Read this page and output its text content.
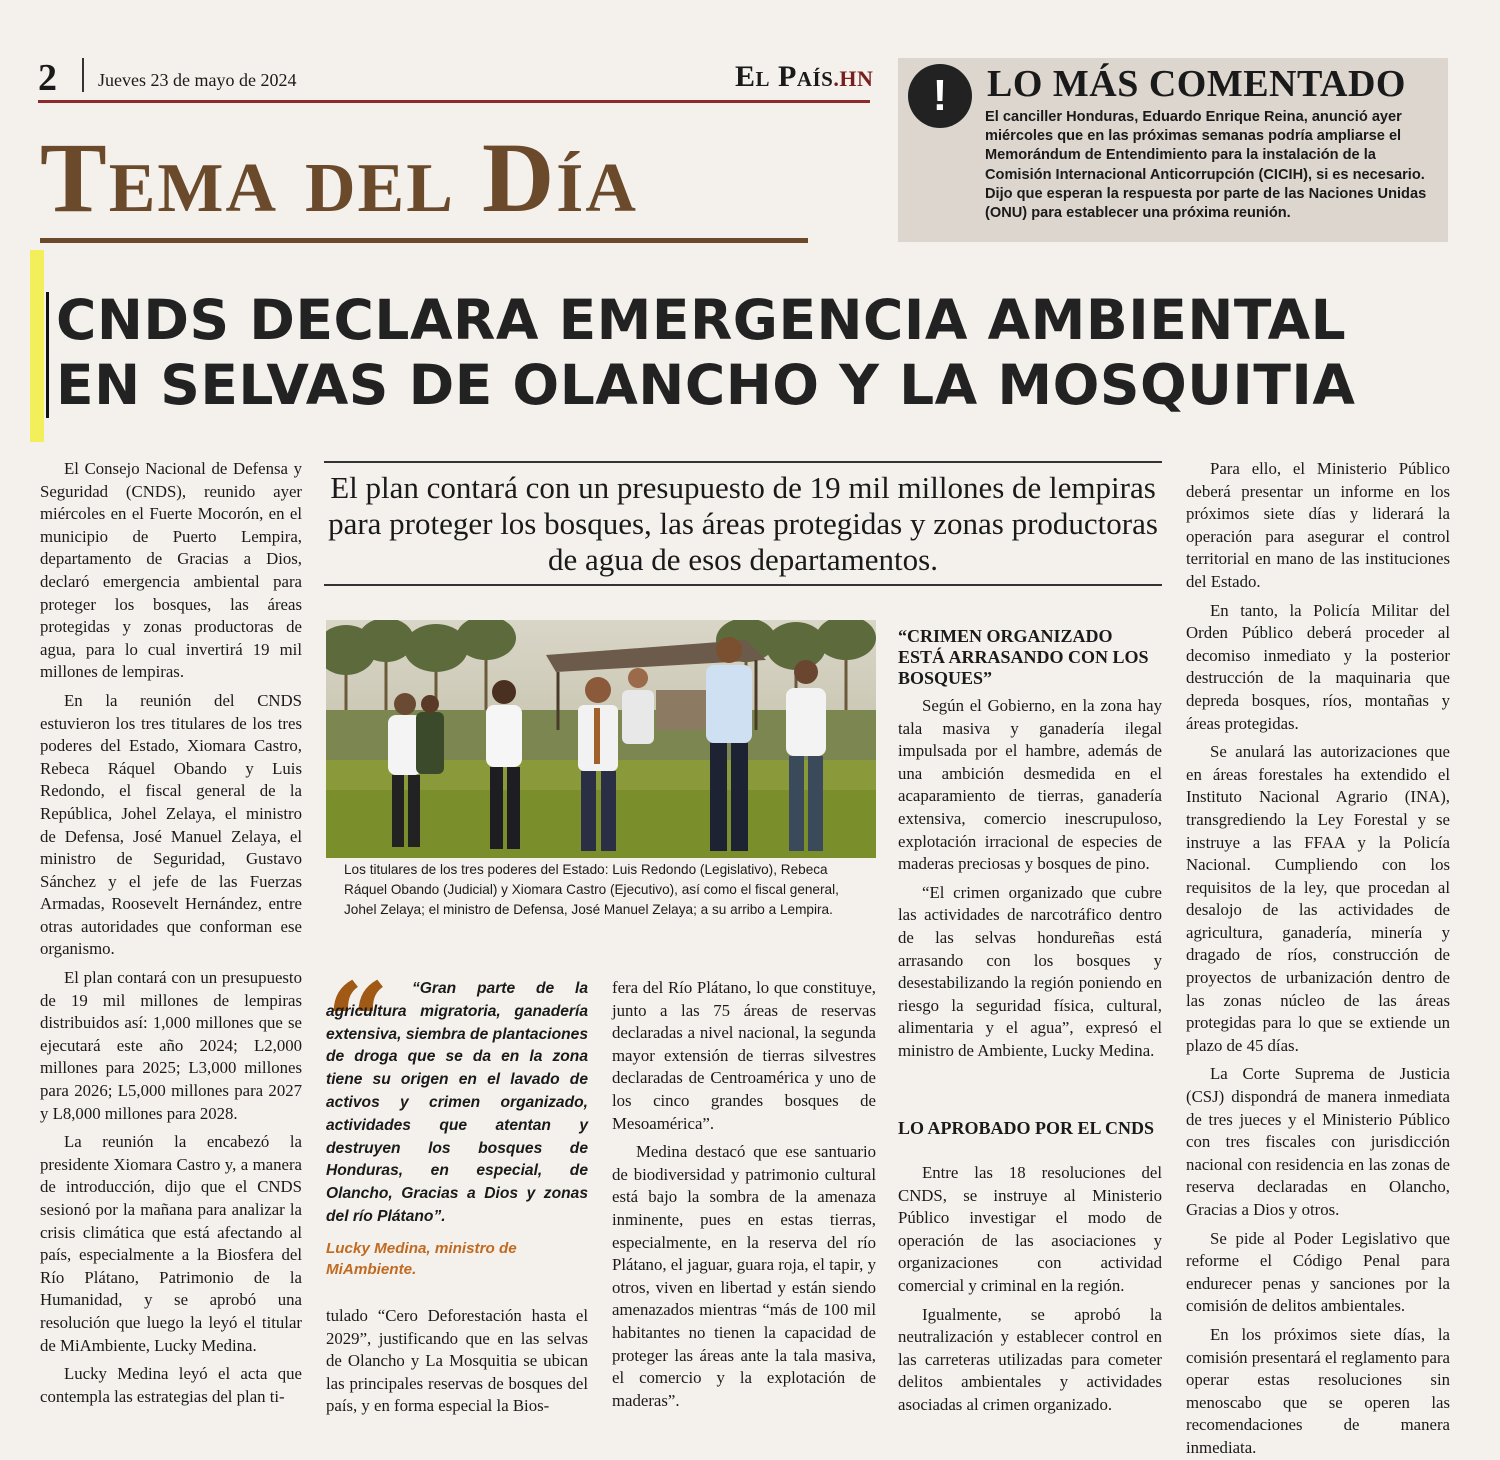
2 Jueves 23 de mayo de 2024	El País.HN
Tema del Día
!	LO MÁS COMENTADO
El canciller Honduras, Eduardo Enrique Reina, anunció ayer miércoles que en las próximas semanas podría ampliarse el Memorándum de Entendimiento para la instalación de la Comisión Internacional Anticorrupción (CICIH), si es necesario. Dijo que esperan la respuesta por parte de las Naciones Unidas (ONU) para establecer una próxima reunión.
CNDS DECLARA EMERGENCIA AMBIENTAL
EN SELVAS DE OLANCHO Y LA MOSQUITIA
El plan contará con un presupuesto de 19 mil millones de lempiras para proteger los bosques, las áreas protegidas y zonas productoras de agua de esos departamentos.

El Consejo Nacional de Defensa y Seguridad (CNDS), reunido ayer miércoles en el Fuerte Mocorón, en el municipio de Puerto Lempira, departamento de Gracias a Dios, declaró emergencia ambiental para proteger los bosques, las áreas protegidas y zonas productoras de agua, para lo cual invertirá 19 mil millones de lempiras.

En la reunión del CNDS estuvieron los tres titulares de los tres poderes del Estado, Xiomara Castro, Rebeca Ráquel Obando y Luis Redondo, el fiscal general de la República, Johel Zelaya, el ministro de Defensa, José Manuel Zelaya, el ministro de Seguridad, Gustavo Sánchez y el jefe de las Fuerzas Armadas, Roosevelt Hernández, entre otras autoridades que conforman ese organismo.

El plan contará con un presupuesto de 19 mil millones de lempiras distribuidos así: 1,000 millones que se ejecutará este año 2024; L2,000 millones para 2025; L3,000 millones para 2026; L5,000 millones para 2027 y L8,000 millones para 2028.

La reunión la encabezó la presidente Xiomara Castro y, a manera de introducción, dijo que el CNDS sesionó por la mañana para analizar la crisis climática que está afectando al país, especialmente a la Biosfera del Río Plátano, Patrimonio de la Humanidad, y se aprobó una resolución que luego la leyó el titular de MiAmbiente, Lucky Medina.

Lucky Medina leyó el acta que contempla las estrategias del plan ti-

Los titulares de los tres poderes del Estado: Luis Redondo (Legislativo), Rebeca Ráquel Obando (Judicial) y Xiomara Castro (Ejecutivo), así como el fiscal general, Johel Zelaya; el ministro de Defensa, José Manuel Zelaya; a su arribo a Lempira.
“	“Gran parte de la agricultura migratoria, ganadería extensiva, siembra de plantaciones de droga que se da en la zona tiene su origen en el lavado de activos y crimen organizado, actividades que atentan y destruyen los bosques de Honduras, en especial, de Olancho, Gracias a Dios y zonas del río Plátano”.
Lucky Medina, ministro de MiAmbiente.

tulado “Cero Deforestación hasta el 2029”, justificando que en las selvas de Olancho y La Mosquitia se ubican las principales reservas de bosques del país, y en forma especial la Bios-

fera del Río Plátano, lo que constituye, junto a las 75 áreas de reservas declaradas a nivel nacional, la segunda mayor extensión de tierras silvestres declaradas de Centroamérica y uno de los cinco grandes bosques de Mesoamérica”.

Medina destacó que ese santuario de biodiversidad y patrimonio cultural está bajo la sombra de la amenaza inminente, pues en estas tierras, especialmente, en la reserva del río Plátano, el jaguar, guara roja, el tapir, y otros, viven en libertad y están siendo amenazados mientras “más de 100 mil habitantes no tienen la capacidad de proteger las áreas ante la tala masiva, el comercio y la explotación de maderas”.

“CRIMEN ORGANIZADO ESTÁ ARRASANDO CON LOS BOSQUES”

Según el Gobierno, en la zona hay tala masiva y ganadería ilegal impulsada por el hambre, además de una ambición desmedida en el acaparamiento de tierras, ganadería extensiva, comercio inescrupuloso, explotación irracional de especies de maderas preciosas y bosques de pino.

“El crimen organizado que cubre las actividades de narcotráfico dentro de las selvas hondureñas está arrasando con los bosques y desestabilizando la región poniendo en riesgo la seguridad física, cultural, alimentaria y el agua”, expresó el ministro de Ambiente, Lucky Medina.

LO APROBADO POR EL CNDS

Entre las 18 resoluciones del CNDS, se instruye al Ministerio Público investigar el modo de operación de las asociaciones y organizaciones con actividad comercial y criminal en la región.

Igualmente, se aprobó la neutralización y establecer control en las carreteras utilizadas para cometer delitos ambientales y actividades asociadas al crimen organizado.

Para ello, el Ministerio Público deberá presentar un informe en los próximos siete días y liderará la operación para asegurar el control territorial en mano de las instituciones del Estado.

En tanto, la Policía Militar del Orden Público deberá proceder al decomiso inmediato y la posterior destrucción de la maquinaria que depreda bosques, ríos, montañas y áreas protegidas.

Se anulará las autorizaciones que en áreas forestales ha extendido el Instituto Nacional Agrario (INA), transgrediendo la Ley Forestal y se instruye a las FFAA y la Policía Nacional. Cumpliendo con los requisitos de la ley, que procedan al desalojo de las actividades de agricultura, ganadería, minería y dragado de ríos, construcción de proyectos de urbanización dentro de las zonas núcleo de las áreas protegidas para lo que se extiende un plazo de 45 días.

La Corte Suprema de Justicia (CSJ) dispondrá de manera inmediata de tres jueces y el Ministerio Público con tres fiscales con jurisdicción nacional con residencia en las zonas de reserva declaradas en Olancho, Gracias a Dios y otros.

Se pide al Poder Legislativo que reforme el Código Penal para endurecer penas y sanciones por la comisión de delitos ambientales.

En los próximos siete días, la comisión presentará el reglamento para operar estas resoluciones sin menoscabo que se operen las recomendaciones de manera inmediata.
